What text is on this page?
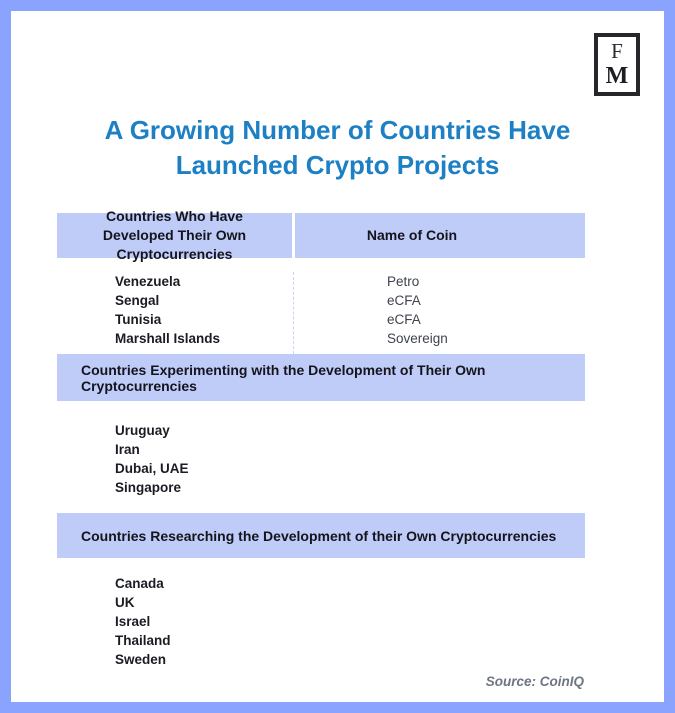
F
M
A Growing Number of Countries Have
Launched Crypto Projects
Countries Who Have Developed Their Own Cryptocurrencies
Name of Coin
Venezuela
Sengal
Tunisia
Marshall Islands
Petro
eCFA
eCFA
Sovereign
Countries Experimenting with the Development of Their Own Cryptocurrencies
Uruguay
Iran
Dubai, UAE
Singapore
Countries Researching the Development of their Own Cryptocurrencies
Canada
UK
Israel
Thailand
Sweden
Source: CoinIQ
